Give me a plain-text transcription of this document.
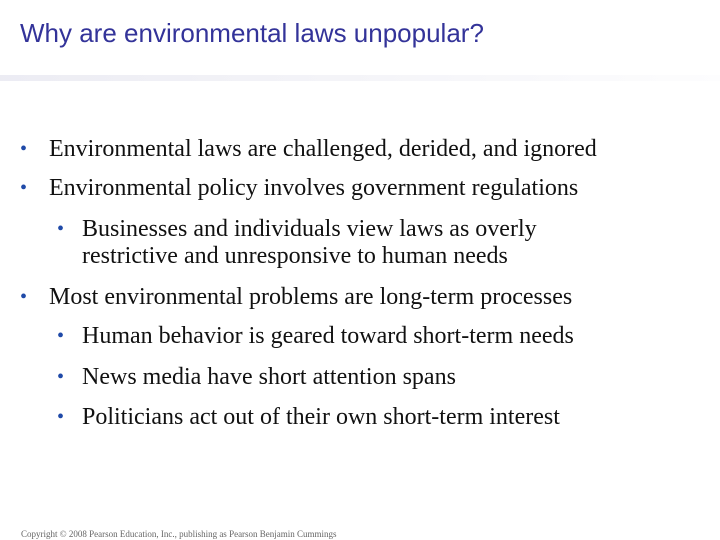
Why are environmental laws unpopular?
• Environmental laws are challenged, derided, and ignored
• Environmental policy involves government regulations
• Businesses and individuals view laws as overly
restrictive and unresponsive to human needs
• Most environmental problems are long-term processes
• Human behavior is geared toward short-term needs
• News media have short attention spans
• Politicians act out of their own short-term interest
Copyright © 2008 Pearson Education, Inc., publishing as Pearson Benjamin Cummings
